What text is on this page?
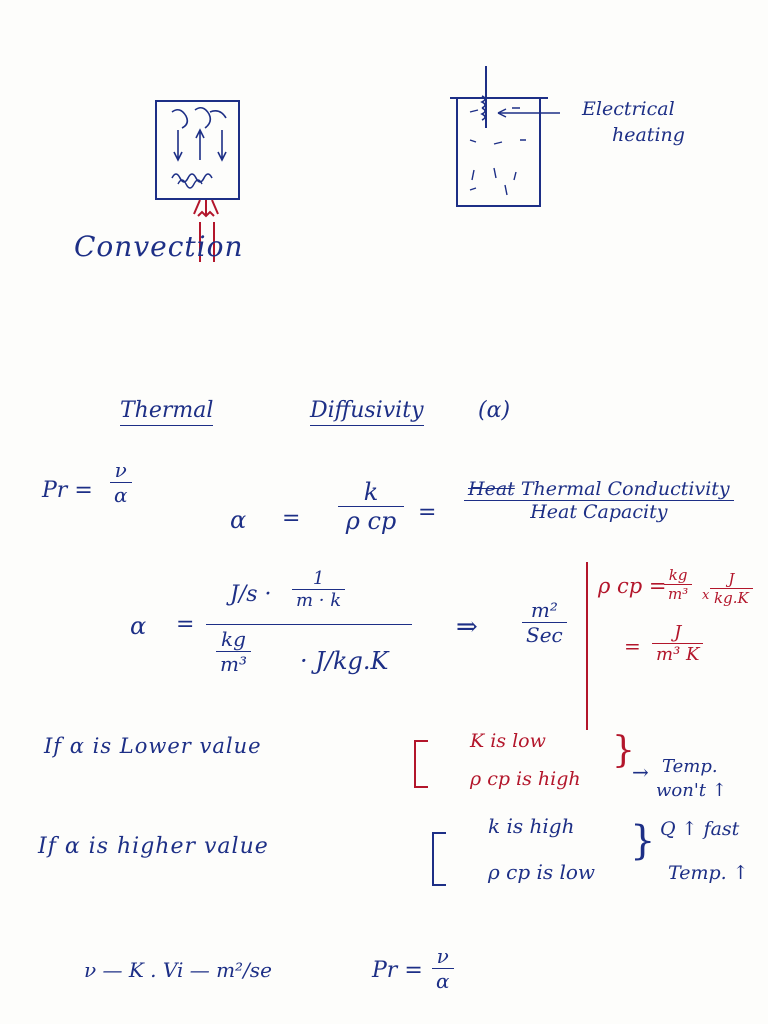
Convection
Electrical
heating
Thermal	Diffusivity (α)
Pr =
ν
α
α =
k
ρ cp =
Heat Thermal Conductivity
Heat Capacity
α =
J/s ·
1
m · k
kg
m³ · J/kg.K
⇒
m²
Sec
ρ cp = kg
m³	x
J
kg.K
=
J
m³ K
If α is Lower value	K is low
ρ cp is high
}
→ Temp.
won't ↑
If α is higher value
k is high
ρ cp is low
} Q ↑ fast
Temp. ↑
ν — K . Vi — m²/se	Pr =
ν
α
